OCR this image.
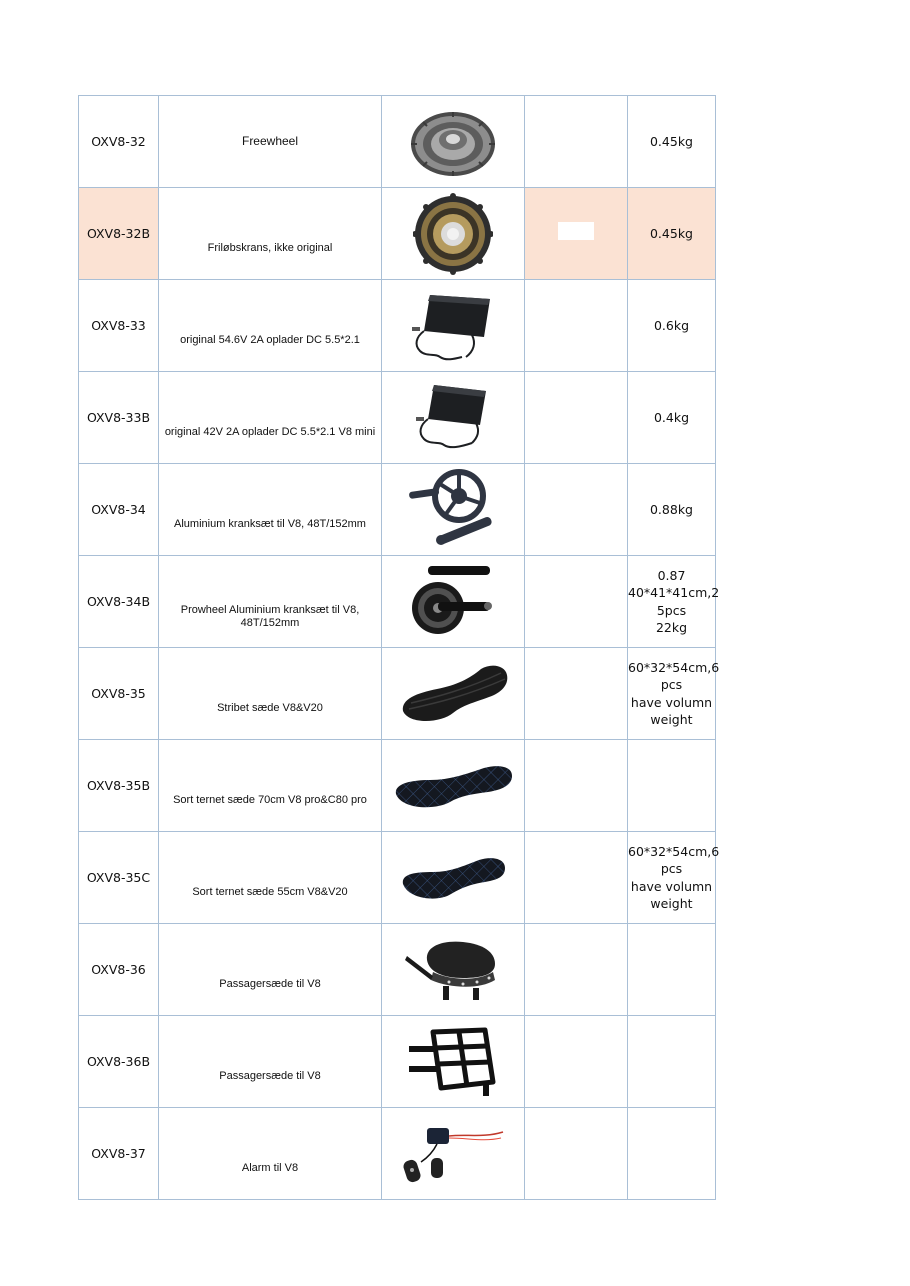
OXV8-32	Freewheel			0.45kg

OXV8-32B	Friløbskrans, ikke original			0.45kg

OXV8-33	original 54.6V 2A oplader DC 5.5*2.1			0.6kg

OXV8-33B	original 42V 2A oplader DC 5.5*2.1 V8 mini			0.4kg

OXV8-34	Aluminium kranksæt til V8, 48T/152mm			0.88kg

OXV8-34B	Prowheel Aluminium kranksæt til V8, 48T/152mm			0.87
40*41*41cm,2
5pcs
22kg

OXV8-35	Stribet sæde V8&V20			60*32*54cm,6
pcs
have volumn
weight

OXV8-35B	Sort ternet sæde 70cm V8 pro&C80 pro

OXV8-35C	Sort ternet sæde 55cm V8&V20			60*32*54cm,6
pcs
have volumn
weight

OXV8-36	Passagersæde til V8

OXV8-36B	Passagersæde til V8

OXV8-37	Alarm til V8
